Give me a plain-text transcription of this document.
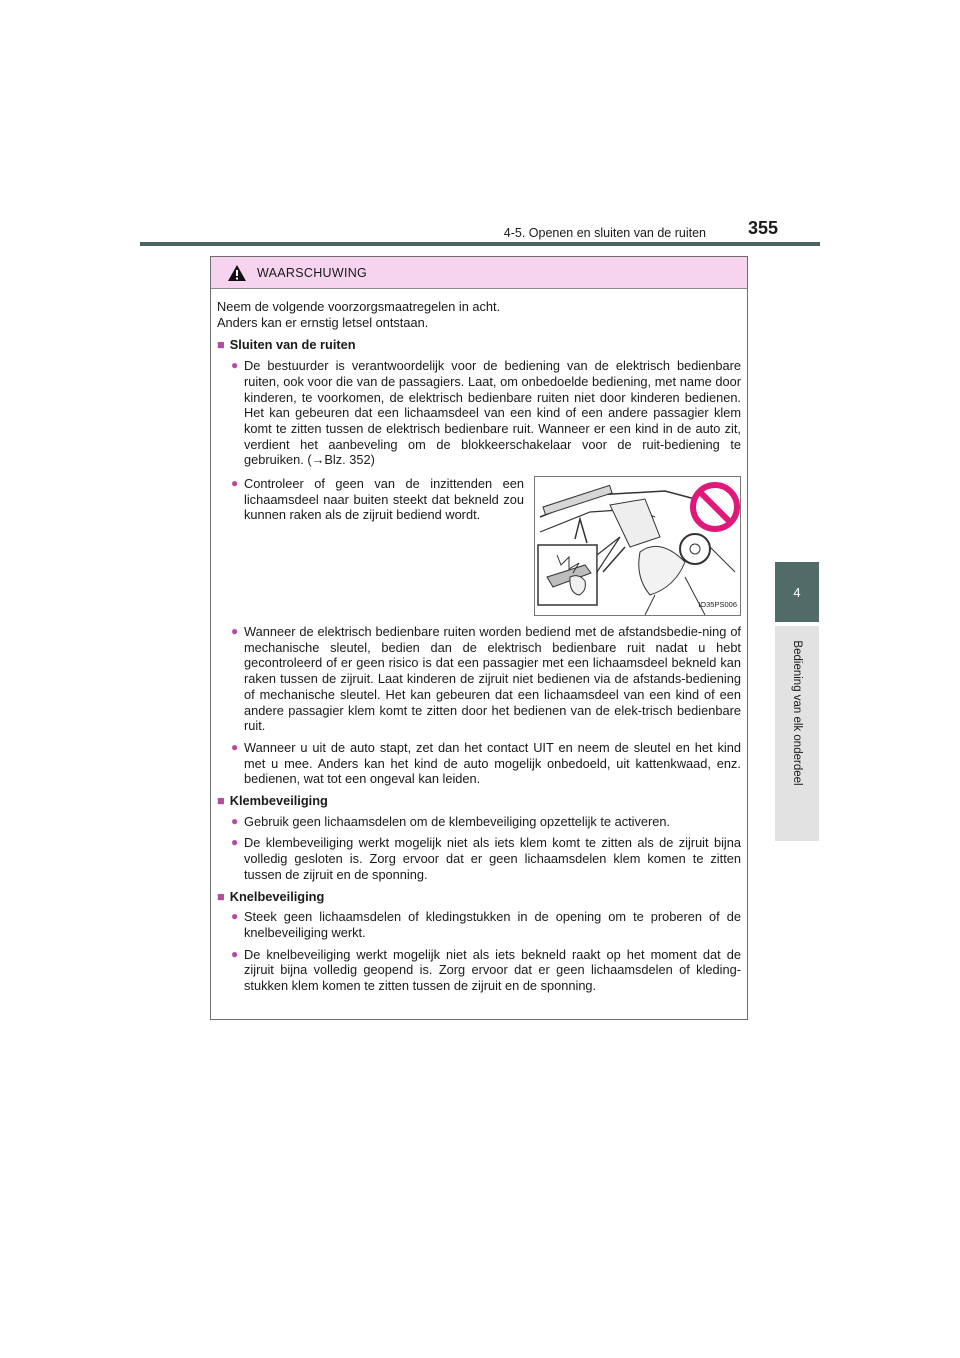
4-5. Openen en sluiten van de ruiten	355
4
Bediening van elk onderdeel
WAARSCHUWING

Neem de volgende voorzorgsmaatregelen in acht.

Anders kan er ernstig letsel ontstaan.

■ Sluiten van de ruiten
● De bestuurder is verantwoordelijk voor de bediening van de elektrisch bedienbare ruiten, ook voor die van de passagiers. Laat, om onbedoelde bediening, met name door kinderen, te voorkomen, de elektrisch bedienbare ruiten niet door kinderen bedienen. Het kan gebeuren dat een lichaamsdeel van een kind of een andere passagier klem komt te zitten tussen de elektrisch bedienbare ruit. Wanneer er een kind in de auto zit, verdient het aanbeveling om de blokkeerschakelaar voor de ruit-bediening te gebruiken. (→Blz. 352)
● Controleer of geen van de inzittenden een lichaamsdeel naar buiten steekt dat bekneld zou kunnen raken als de zijruit bediend wordt.
IO35PS006
● Wanneer de elektrisch bedienbare ruiten worden bediend met de afstandsbedie-ning of mechanische sleutel, bedien dan de elektrisch bedienbare ruit nadat u hebt gecontroleerd of er geen risico is dat een passagier met een lichaamsdeel bekneld kan raken tussen de zijruit. Laat kinderen de zijruit niet bedienen via de afstands-bediening of mechanische sleutel. Het kan gebeuren dat een lichaamsdeel van een kind of een andere passagier klem komt te zitten door het bedienen van de elek-trisch bedienbare ruit.
● Wanneer u uit de auto stapt, zet dan het contact UIT en neem de sleutel en het kind met u mee. Anders kan het kind de auto mogelijk onbedoeld, uit kattenkwaad, enz. bedienen, wat tot een ongeval kan leiden.
■ Klembeveiliging
● Gebruik geen lichaamsdelen om de klembeveiliging opzettelijk te activeren.
● De klembeveiliging werkt mogelijk niet als iets klem komt te zitten als de zijruit bijna volledig gesloten is. Zorg ervoor dat er geen lichaamsdelen klem komen te zitten tussen de zijruit en de sponning.
■ Knelbeveiliging
● Steek geen lichaamsdelen of kledingstukken in de opening om te proberen of de knelbeveiliging werkt.
● De knelbeveiliging werkt mogelijk niet als iets bekneld raakt op het moment dat de zijruit bijna volledig geopend is. Zorg ervoor dat er geen lichaamsdelen of kleding-stukken klem komen te zitten tussen de zijruit en de sponning.
